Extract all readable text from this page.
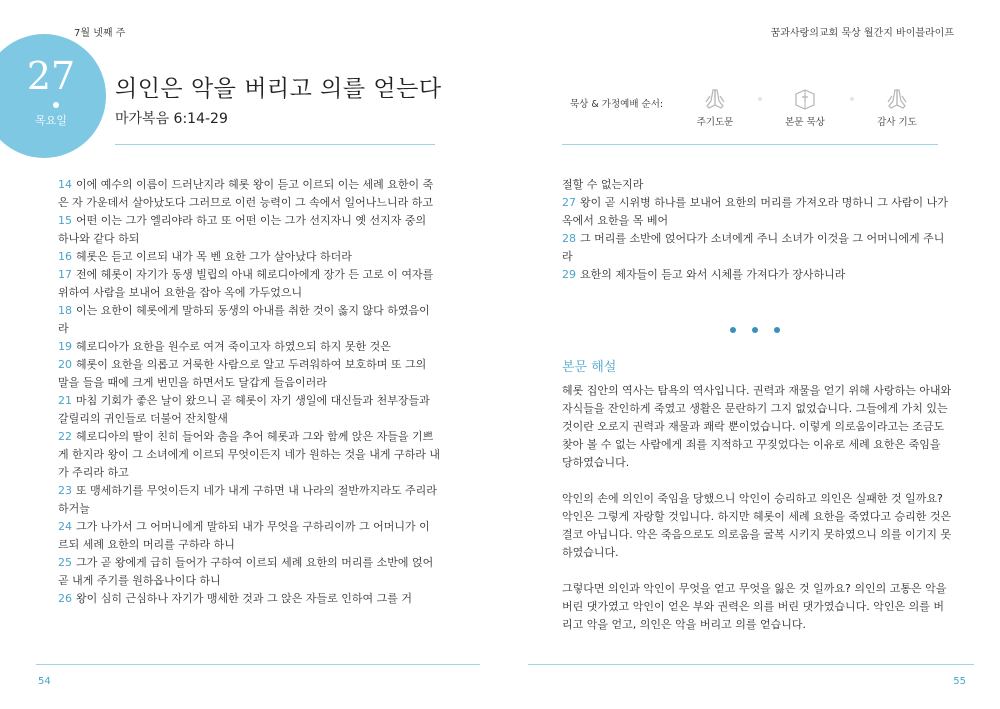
7월 넷째 주	꿈과사랑의교회 묵상 월간지 바이블라이프
27
목요일
의인은 악을 버리고 의를 얻는다
마가복음 6:14-29
묵상 & 가정예배 순서:
주기도문	본문 묵상	감사 기도

14 이에 예수의 이름이 드러난지라 헤롯 왕이 듣고 이르되 이는 세례 요한이 죽은 자 가운데서 살아났도다 그러므로 이런 능력이 그 속에서 일어나느니라 하고

15 어떤 이는 그가 엘리야라 하고 또 어떤 이는 그가 선지자니 옛 선지자 중의 하나와 같다 하되

16 헤롯은 듣고 이르되 내가 목 벤 요한 그가 살아났다 하더라

17 전에 헤롯이 자기가 동생 빌립의 아내 헤로디아에게 장가 든 고로 이 여자를 위하여 사람을 보내어 요한을 잡아 옥에 가두었으니

18 이는 요한이 헤롯에게 말하되 동생의 아내를 취한 것이 옳지 않다 하였음이라

19 헤로디아가 요한을 원수로 여겨 죽이고자 하였으되 하지 못한 것은

20 헤롯이 요한을 의롭고 거룩한 사람으로 알고 두려워하여 보호하며 또 그의 말을 들을 때에 크게 번민을 하면서도 달갑게 들음이러라

21 마침 기회가 좋은 날이 왔으니 곧 헤롯이 자기 생일에 대신들과 천부장들과 갈릴리의 귀인들로 더불어 잔치할새

22 헤로디아의 딸이 친히 들어와 춤을 추어 헤롯과 그와 함께 앉은 자들을 기쁘게 한지라 왕이 그 소녀에게 이르되 무엇이든지 네가 원하는 것을 내게 구하라 내가 주리라 하고

23 또 맹세하기를 무엇이든지 네가 내게 구하면 내 나라의 절반까지라도 주리라 하거늘

24 그가 나가서 그 어머니에게 말하되 내가 무엇을 구하리이까 그 어머니가 이르되 세례 요한의 머리를 구하라 하니

25 그가 곧 왕에게 급히 들어가 구하여 이르되 세례 요한의 머리를 소반에 얹어 곧 내게 주기를 원하옵나이다 하니

26 왕이 심히 근심하나 자기가 맹세한 것과 그 앉은 자들로 인하여 그를 거

절할 수 없는지라

27 왕이 곧 시위병 하나를 보내어 요한의 머리를 가져오라 명하니 그 사람이 나가 옥에서 요한을 목 베어

28 그 머리를 소반에 얹어다가 소녀에게 주니 소녀가 이것을 그 어머니에게 주니라

29 요한의 제자들이 듣고 와서 시체를 가져다가 장사하니라

본문 해설

헤롯 집안의 역사는 탐욕의 역사입니다. 권력과 재물을 얻기 위해 사랑하는 아내와 자식들을 잔인하게 죽였고 생활은 문란하기 그지 없었습니다. 그들에게 가치 있는 것이란 오로지 권력과 재물과 쾌락 뿐이었습니다. 이렇게 의로움이라고는 조금도 찾아 볼 수 없는 사람에게 죄를 지적하고 꾸짖었다는 이유로 세례 요한은 죽임을 당하였습니다.

악인의 손에 의인이 죽임을 당했으니 악인이 승리하고 의인은 실패한 것 일까요? 악인은 그렇게 자랑할 것입니다. 하지만 헤롯이 세례 요한을 죽였다고 승리한 것은 결코 아닙니다. 악은 죽음으로도 의로움을 굴복 시키지 못하였으니 의를 이기지 못하였습니다.

그렇다면 의인과 악인이 무엇을 얻고 무엇을 잃은 것 일까요? 의인의 고통은 악을 버린 댓가였고 악인이 얻은 부와 권력은 의를 버린 댓가였습니다. 악인은 의를 버리고 악을 얻고, 의인은 악을 버리고 의를 얻습니다.

54	55
